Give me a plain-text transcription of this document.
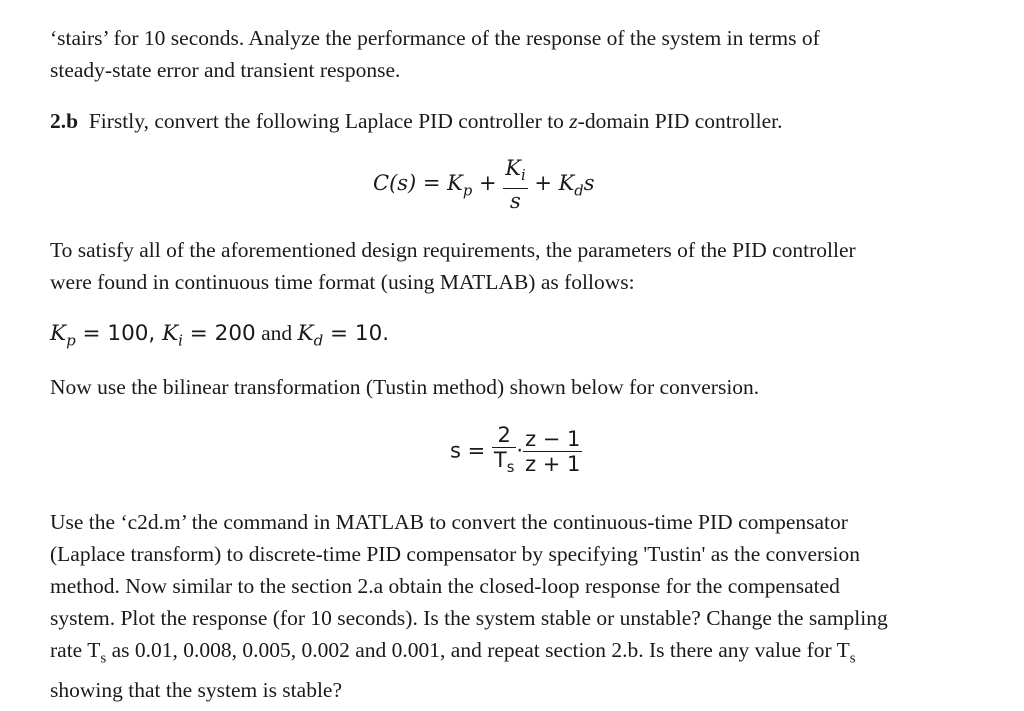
‘stairs’ for 10 seconds. Analyze the performance of the response of the system in terms of
steady-state error and transient response.
2.b Firstly, convert the following Laplace PID controller to z-domain PID controller.
$C(s) = K_p + \frac{K_i}{s} + K_ds$
To satisfy all of the aforementioned design requirements, the parameters of the PID controller
were found in continuous time format (using MATLAB) as follows:
$K_p = 100$, $K_i = 200$ and $K_d = 10$.
Now use the bilinear transformation (Tustin method) shown below for conversion.
$s = \frac{2}{T_s} \cdot \frac{z - 1}{z + 1}$
Use the ‘c2d.m’ the command in MATLAB to convert the continuous-time PID compensator
(Laplace transform) to discrete-time PID compensator by specifying 'Tustin' as the conversion
method. Now similar to the section 2.a obtain the closed-loop response for the compensated
system. Plot the response (for 10 seconds). Is the system stable or unstable? Change the sampling
rate $T_s$ as 0.01, 0.008, 0.005, 0.002 and 0.001, and repeat section 2.b. Is there any value for $T_s$
showing that the system is stable?
